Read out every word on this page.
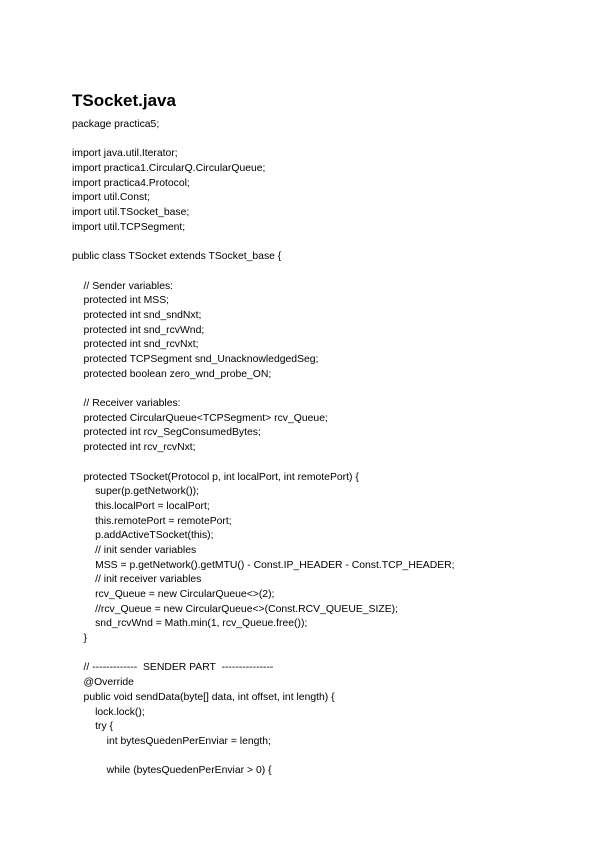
TSocket.java
package practica5;
import java.util.Iterator;
import practica1.CircularQ.CircularQueue;
import practica4.Protocol;
import util.Const;
import util.TSocket_base;
import util.TCPSegment;
public class TSocket extends TSocket_base {
// Sender variables:
protected int MSS;
protected int snd_sndNxt;
protected int snd_rcvWnd;
protected int snd_rcvNxt;
protected TCPSegment snd_UnacknowledgedSeg;
protected boolean zero_wnd_probe_ON;
// Receiver variables:
protected CircularQueue<TCPSegment> rcv_Queue;
protected int rcv_SegConsumedBytes;
protected int rcv_rcvNxt;
protected TSocket(Protocol p, int localPort, int remotePort) {
super(p.getNetwork());
this.localPort = localPort;
this.remotePort = remotePort;
p.addActiveTSocket(this);
// init sender variables
MSS = p.getNetwork().getMTU() - Const.IP_HEADER - Const.TCP_HEADER;
// init receiver variables
rcv_Queue = new CircularQueue<>(2);
//rcv_Queue = new CircularQueue<>(Const.RCV_QUEUE_SIZE);
snd_rcvWnd = Math.min(1, rcv_Queue.free());
}
// -------------  SENDER PART  ---------------
@Override
public void sendData(byte[] data, int offset, int length) {
lock.lock();
try {
int bytesQuedenPerEnviar = length;
while (bytesQuedenPerEnviar > 0) {
